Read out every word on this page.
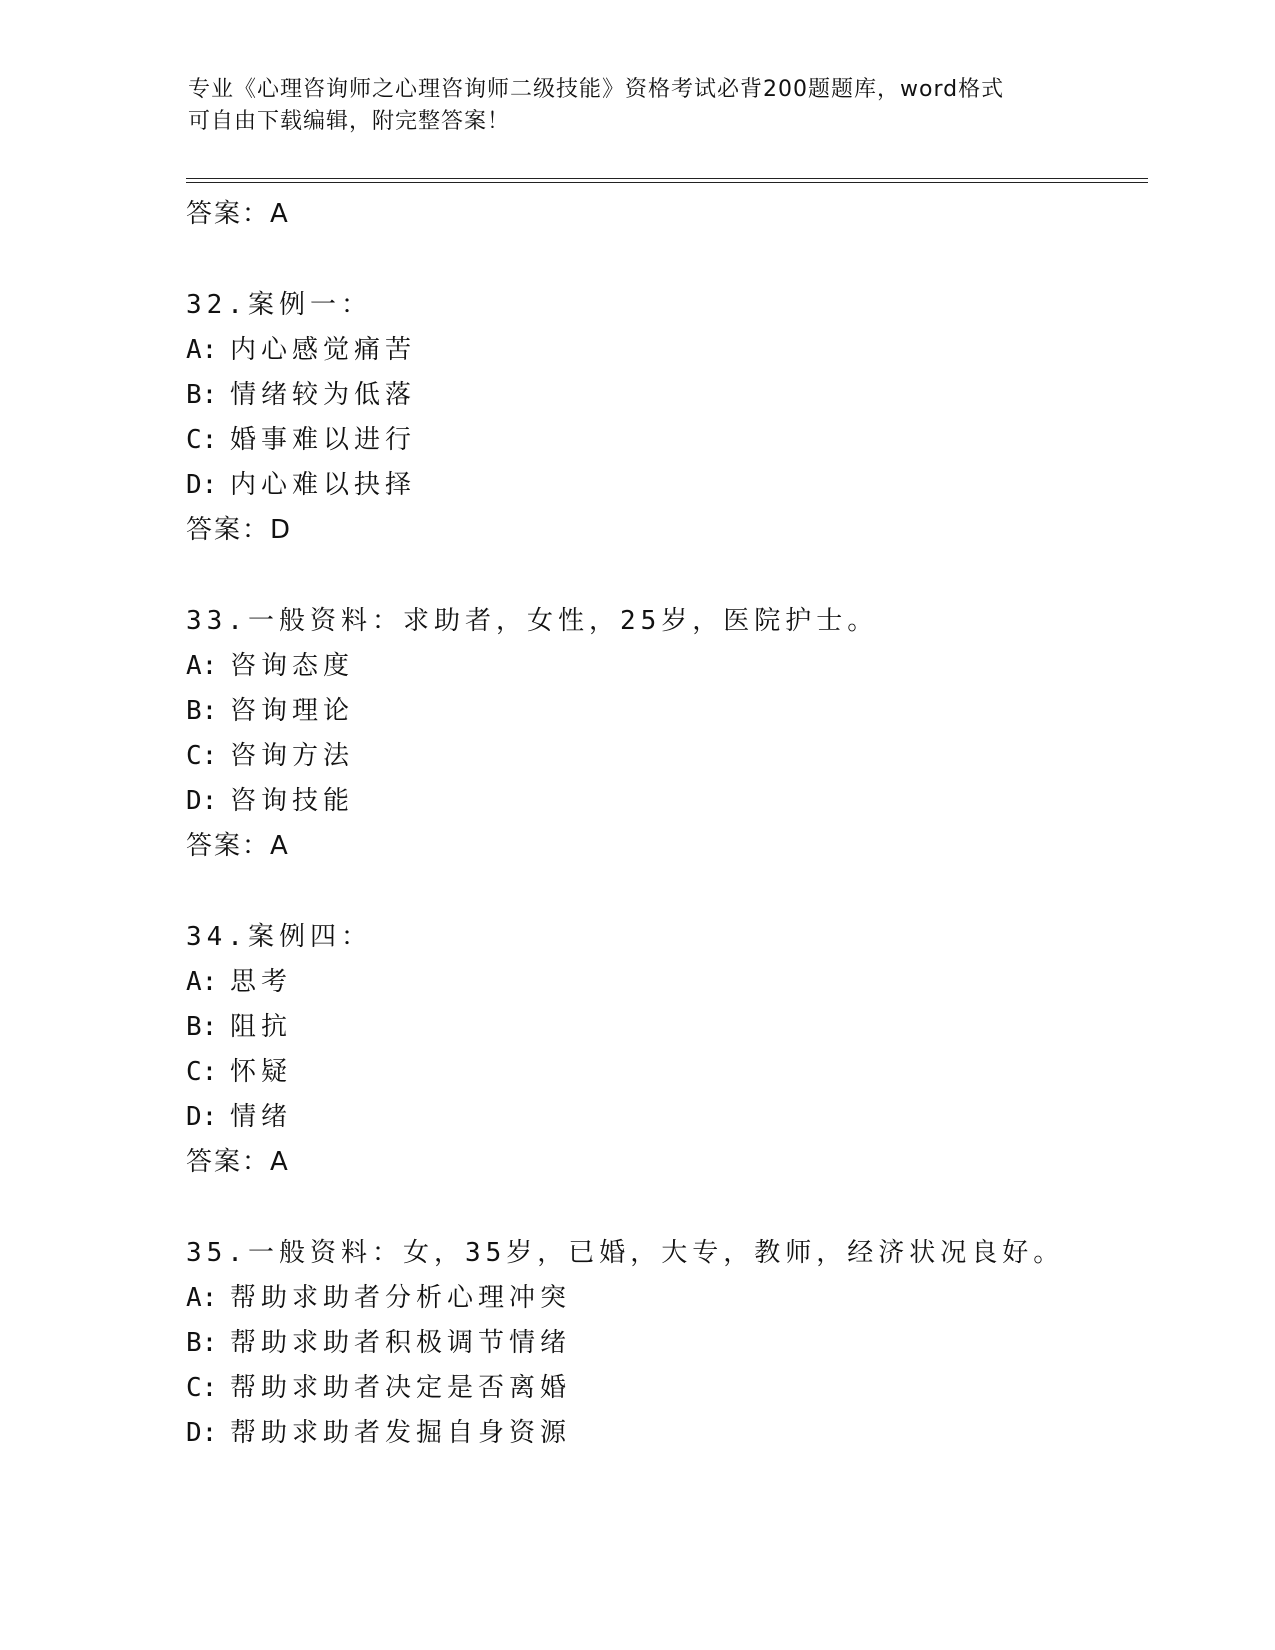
专业《心理咨询师之心理咨询师二级技能》资格考试必背200题题库，word格式
可自由下载编辑，附完整答案！
答案：A
32.案例一：
A: 内心感觉痛苦
B: 情绪较为低落
C: 婚事难以进行
D: 内心难以抉择
答案：D
33.一般资料：求助者，女性，25岁，医院护士。
A: 咨询态度
B: 咨询理论
C: 咨询方法
D: 咨询技能
答案：A
34.案例四：
A: 思考
B: 阻抗
C: 怀疑
D: 情绪
答案：A
35.一般资料：女，35岁，已婚，大专，教师，经济状况良好。
A: 帮助求助者分析心理冲突
B: 帮助求助者积极调节情绪
C: 帮助求助者决定是否离婚
D: 帮助求助者发掘自身资源
